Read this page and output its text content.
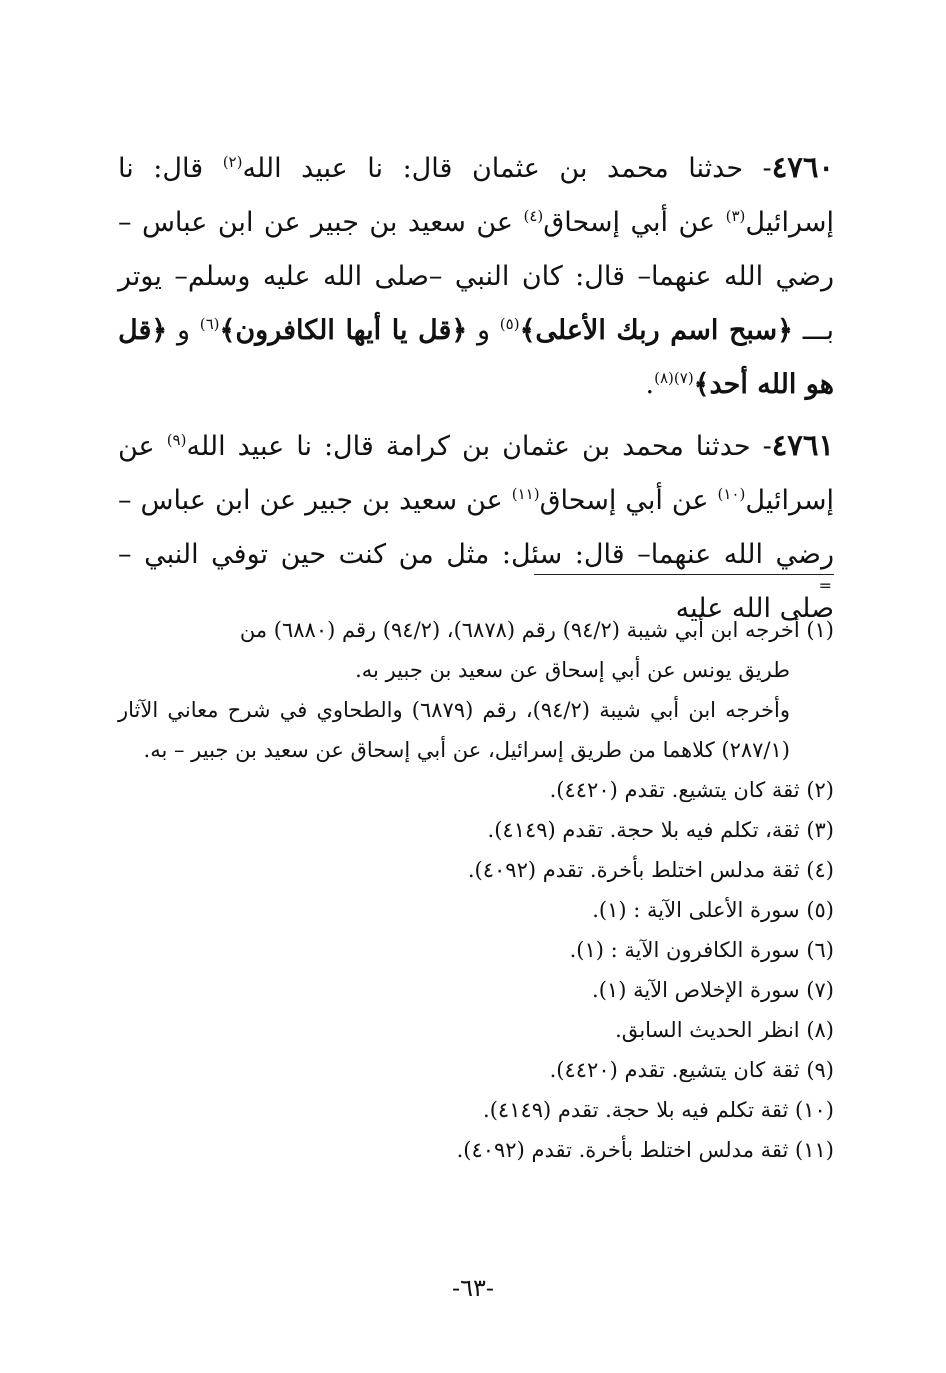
٤٧٦٠- حدثنا محمد بن عثمان قال: نا عبيد الله$^{(٢)}$ قال: نا إسرائيل$^{(٣)}$ عن أبي إسحاق$^{(٤)}$ عن سعيد بن جبير عن ابن عباس – رضي الله عنهما– قال: كان النبي –صلى الله عليه وسلم– يوتر بـــ ﴿سبح اسم ربك الأعلى﴾$^{(٥)}$ و ﴿قل يا أيها الكافرون﴾$^{(٦)}$ و ﴿قل هو الله أحد﴾$^{(٧)(٨)}$.

٤٧٦١- حدثنا محمد بن عثمان بن كرامة قال: نا عبيد الله$^{(٩)}$ عن إسرائيل$^{(١٠)}$ عن أبي إسحاق$^{(١١)}$ عن سعيد بن جبير عن ابن عباس –رضي الله عنهما– قال: سئل: مثل من كنت حين توفي النبي –صلى الله عليه

=
(١) أخرجه ابن أبي شيبة (٩٤/٢) رقم (٦٨٧٨)، (٩٤/٢) رقم (٦٨٨٠) من
طريق يونس عن أبي إسحاق عن سعيد بن جبير به.
وأخرجه ابن أبي شيبة (٩٤/٢)، رقم (٦٨٧٩) والطحاوي في شرح معاني الآثار (٢٨٧/١) كلاهما من طريق إسرائيل، عن أبي إسحاق عن سعيد بن جبير – به.
(٢) ثقة كان يتشيع. تقدم (٤٤٢٠).
(٣) ثقة، تكلم فيه بلا حجة. تقدم (٤١٤٩).
(٤) ثقة مدلس اختلط بأخرة. تقدم (٤٠٩٢).
(٥) سورة الأعلى الآية : (١).
(٦) سورة الكافرون الآية : (١).
(٧) سورة الإخلاص الآية (١).
(٨) انظر الحديث السابق.
(٩) ثقة كان يتشيع. تقدم (٤٤٢٠).
(١٠) ثقة تكلم فيه بلا حجة. تقدم (٤١٤٩).
(١١) ثقة مدلس اختلط بأخرة. تقدم (٤٠٩٢).
-٦٣-
